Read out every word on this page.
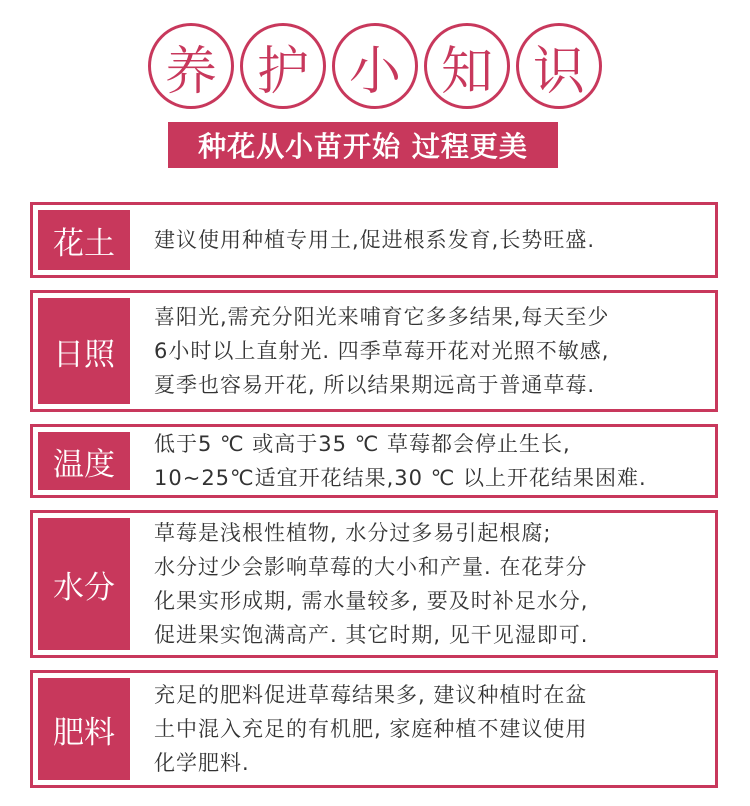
养 护 小 知 识
种花从小苗开始 过程更美
花土	建议使用种植专用土,促进根系发育,长势旺盛.
日照
喜阳光,需充分阳光来哺育它多多结果,每天至少
6小时以上直射光. 四季草莓开花对光照不敏感,
夏季也容易开花, 所以结果期远高于普通草莓.
温度
低于5 ℃ 或高于35 ℃ 草莓都会停止生长,
10~25℃适宜开花结果,30 ℃ 以上开花结果困难.
水分
草莓是浅根性植物, 水分过多易引起根腐;
水分过少会影响草莓的大小和产量. 在花芽分
化果实形成期, 需水量较多, 要及时补足水分,
促进果实饱满高产. 其它时期, 见干见湿即可.
肥料
充足的肥料促进草莓结果多, 建议种植时在盆
土中混入充足的有机肥, 家庭种植不建议使用
化学肥料.
